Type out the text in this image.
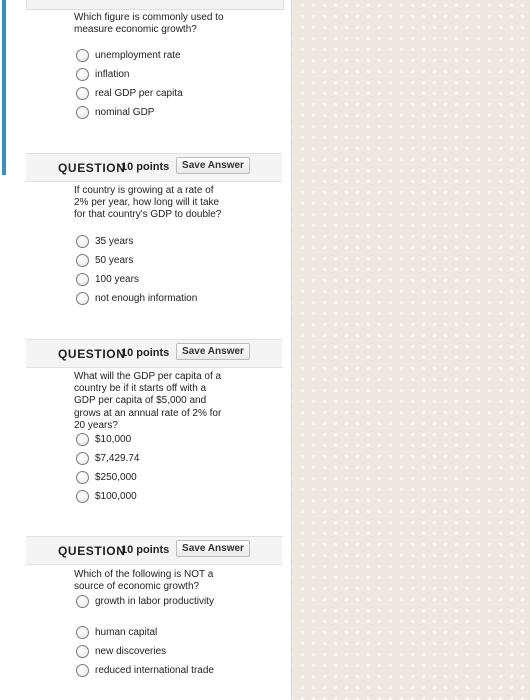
Which figure is commonly used to measure economic growth?
unemployment rate
inflation
real GDP per capita
nominal GDP
QUESTION
10 points	Save Answer
If country is growing at a rate of 2% per year, how long will it take for that country's GDP to double?
35 years
50 years
100 years
not enough information
QUESTION
10 points	Save Answer
What will the GDP per capita of a country be if it starts off with a GDP per capita of $5,000 and grows at an annual rate of 2% for 20 years?
$10,000
$7,429.74
$250,000
$100,000
QUESTION
10 points	Save Answer
Which of the following is NOT a source of economic growth?
growth in labor productivity
human capital
new discoveries
reduced international trade
